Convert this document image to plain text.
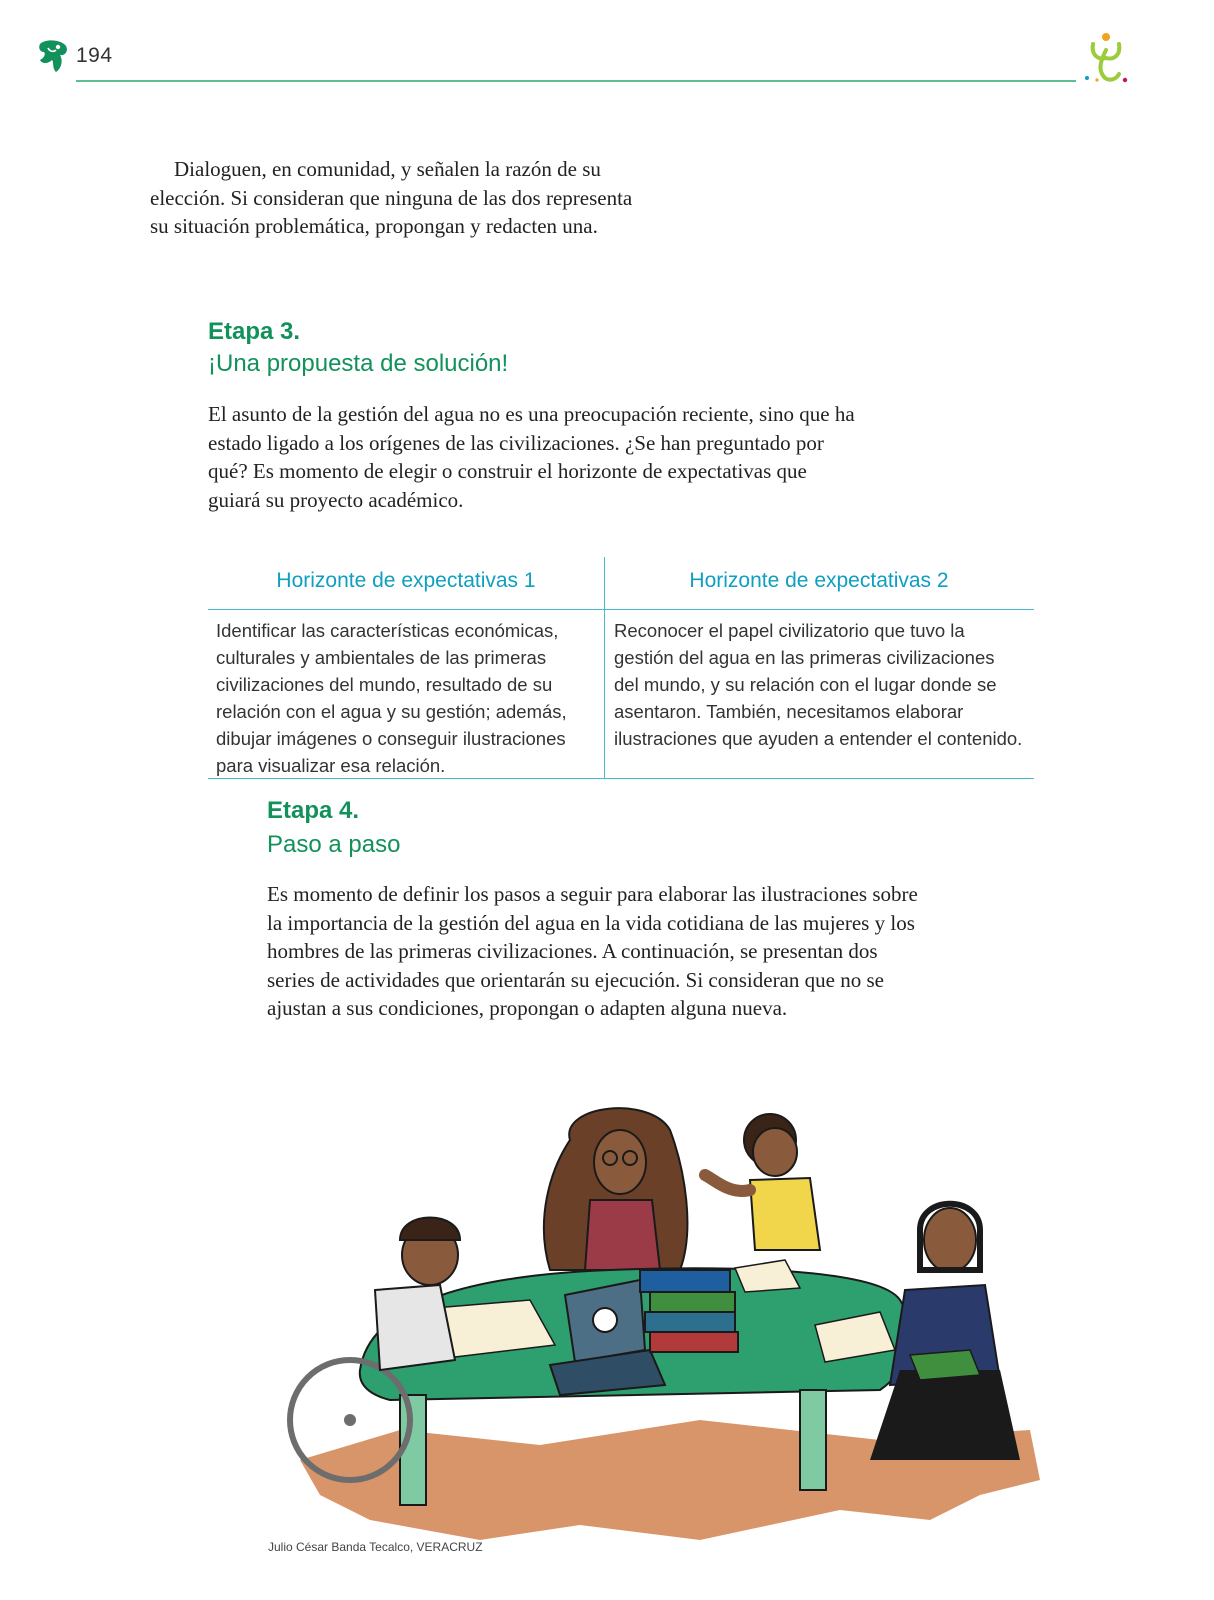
194

Dialoguen, en comunidad, y señalen la razón de su elección. Si consideran que ninguna de las dos representa su situación problemática, propongan y redacten una.

Etapa 3.
¡Una propuesta de solución!

El asunto de la gestión del agua no es una preocupación reciente, sino que ha estado ligado a los orígenes de las civilizaciones. ¿Se han preguntado por qué? Es momento de elegir o construir el horizonte de expectativas que guiará su proyecto académico.

Horizonte de expectativas 1	Horizonte de expectativas 2

Identificar las características económicas, culturales y ambientales de las primeras civilizaciones del mundo, resultado de su relación con el agua y su gestión; además, dibujar imágenes o conseguir ilustraciones para visualizar esa relación.

Reconocer el papel civilizatorio que tuvo la gestión del agua en las primeras civilizaciones del mundo, y su relación con el lugar donde se asentaron. También, necesitamos elaborar ilustraciones que ayuden a entender el contenido.

Etapa 4.
Paso a paso

Es momento de definir los pasos a seguir para elaborar las ilustraciones sobre la importancia de la gestión del agua en la vida cotidiana de las mujeres y los hombres de las primeras civilizaciones. A continuación, se presentan dos series de actividades que orientarán su ejecución. Si consideran que no se ajustan a sus condiciones, propongan o adapten alguna nueva.

Julio César Banda Tecalco, VERACRUZ
